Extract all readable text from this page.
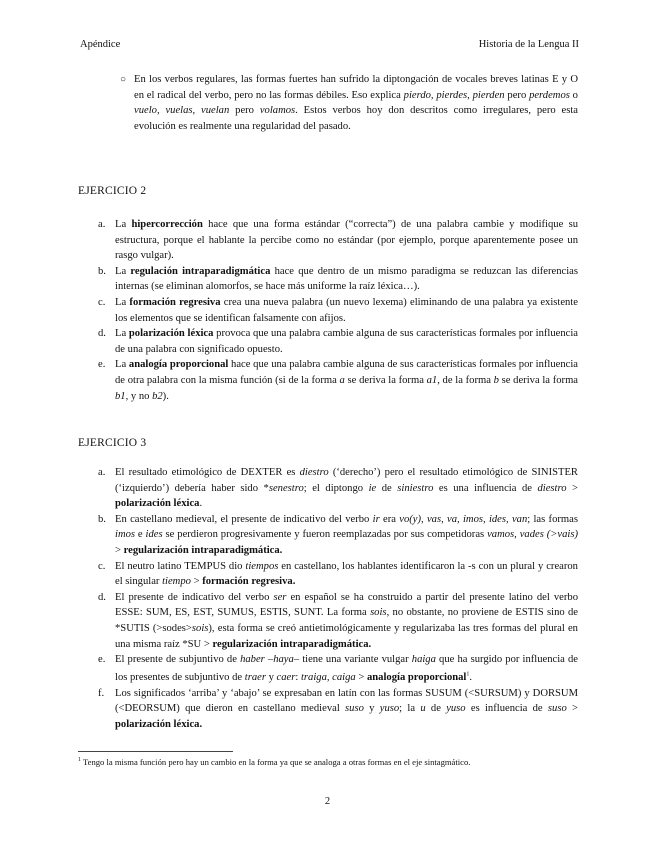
Apéndice	Historia de la Lengua II
○ En los verbos regulares, las formas fuertes han sufrido la diptongación de vocales breves latinas E y O en el radical del verbo, pero no las formas débiles. Eso explica pierdo, pierdes, pierden pero perdemos o vuelo, vuelas, vuelan pero volamos. Estos verbos hoy don descritos como irregulares, pero esta evolución es realmente una regularidad del pasado.
EJERCICIO 2
a. La hipercorrección hace que una forma estándar (“correcta”) de una palabra cambie y modifique su estructura, porque el hablante la percibe como no estándar (por ejemplo, porque aparentemente posee un rasgo vulgar).
b. La regulación intraparadigmática hace que dentro de un mismo paradigma se reduzcan las diferencias internas (se eliminan alomorfos, se hace más uniforme la raíz léxica…).
c. La formación regresiva crea una nueva palabra (un nuevo lexema) eliminando de una palabra ya existente los elementos que se identifican falsamente con afijos.
d. La polarización léxica provoca que una palabra cambie alguna de sus características formales por influencia de una palabra con significado opuesto.
e. La analogía proporcional hace que una palabra cambie alguna de sus características formales por influencia de otra palabra con la misma función (si de la forma a se deriva la forma a1, de la forma b se deriva la forma b1, y no b2).
EJERCICIO 3
a. El resultado etimológico de DEXTER es diestro (‘derecho’) pero el resultado etimológico de SINISTER (‘izquierdo’) debería haber sido *senestro; el diptongo ie de siniestro es una influencia de diestro > polarización léxica.
b. En castellano medieval, el presente de indicativo del verbo ir era vo(y), vas, va, imos, ides, van; las formas imos e ides se perdieron progresivamente y fueron reemplazadas por sus competidoras vamos, vades (>vais) > regularización intraparadigmática.
c. El neutro latino TEMPUS dio tiempos en castellano, los hablantes identificaron la -s con un plural y crearon el singular tiempo > formación regresiva.
d. El presente de indicativo del verbo ser en español se ha construido a partir del presente latino del verbo ESSE: SUM, ES, EST, SUMUS, ESTIS, SUNT. La forma sois, no obstante, no proviene de ESTIS sino de *SUTIS (>sodes>sois), esta forma se creó antietimológicamente y regularizaba las tres formas del plural en una misma raíz *SU > regularización intraparadigmática.
e. El presente de subjuntivo de haber –haya– tiene una variante vulgar haiga que ha surgido por influencia de los presentes de subjuntivo de traer y caer: traiga, caiga > analogía proporcional$^1$.
f. Los significados ‘arriba’ y ‘abajo’ se expresaban en latín con las formas SUSUM (<SURSUM) y DORSUM (<DEORSUM) que dieron en castellano medieval suso y yuso; la u de yuso es influencia de suso > polarización léxica.
$^1$ Tengo la misma función pero hay un cambio en la forma ya que se analoga a otras formas en el eje sintagmático.
2
